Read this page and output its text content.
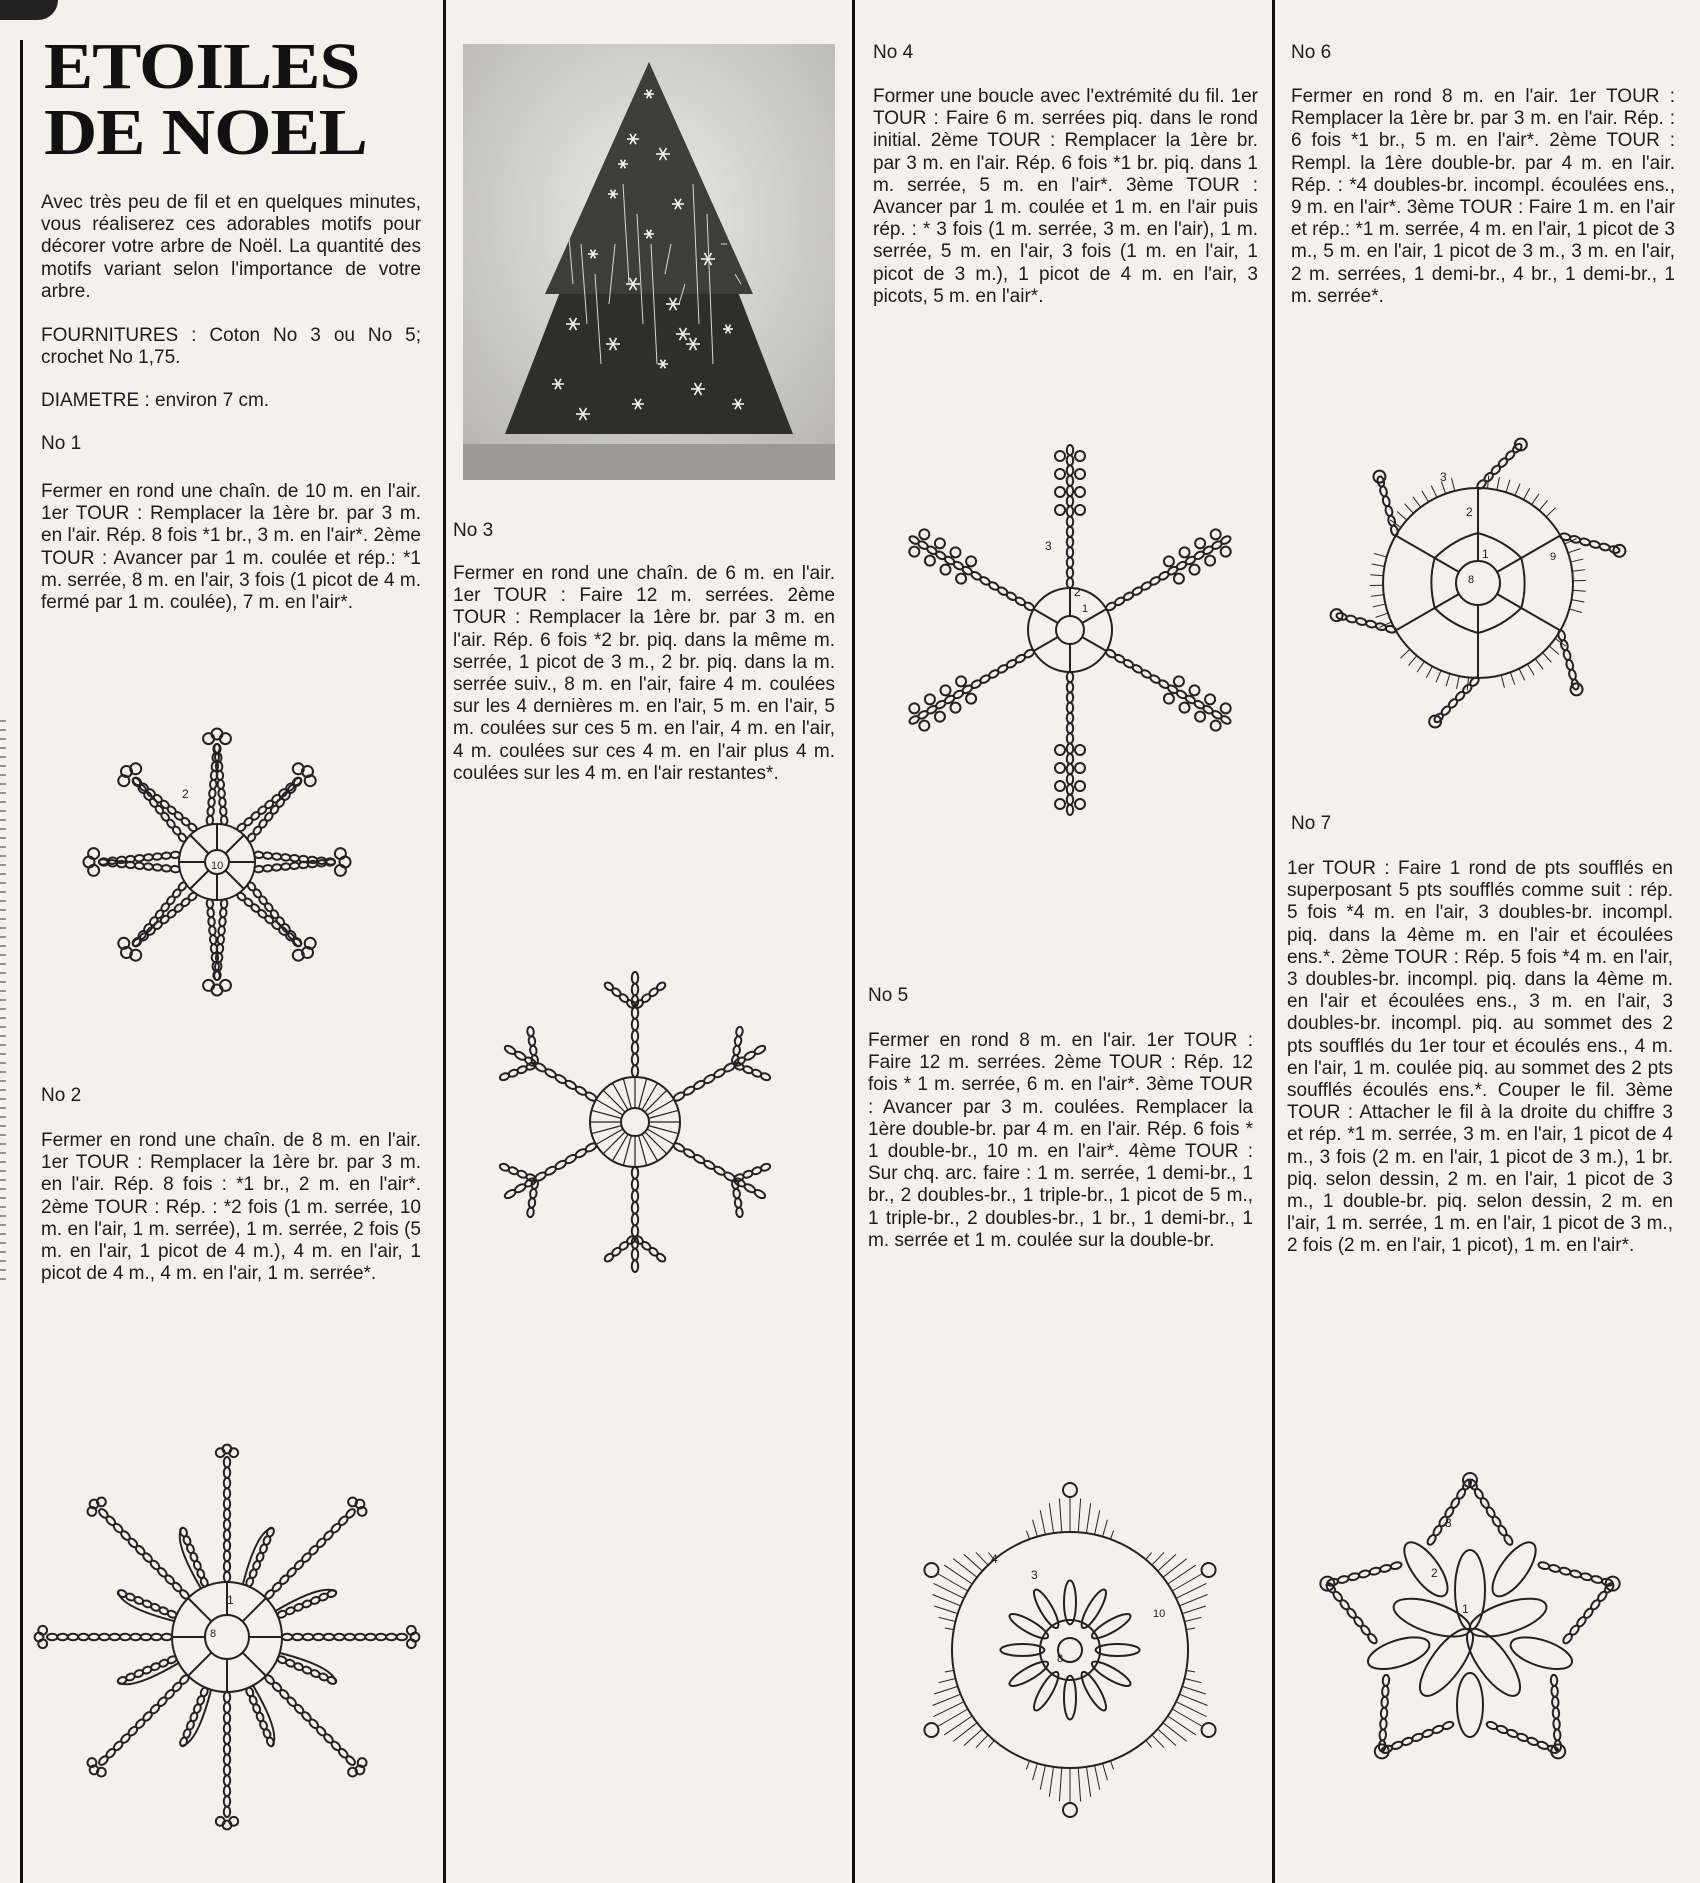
ETOILES
DE NOEL
Avec très peu de fil et en quelques minutes, vous réaliserez ces adorables motifs pour décorer votre arbre de Noël. La quantité des motifs variant selon l'importance de votre arbre.
FOURNITURES : Coton No 3 ou No 5; crochet No 1,75.
DIAMETRE : environ 7 cm.
No 1
Fermer en rond une chaîn. de 10 m. en l'air. 1er TOUR : Remplacer la 1ère br. par 3 m. en l'air. Rép. 8 fois *1 br., 3 m. en l'air*. 2ème TOUR : Avancer par 1 m. coulée et rép.: *1 m. serrée, 8 m. en l'air, 3 fois (1 picot de 4 m. fermé par 1 m. coulée), 7 m. en l'air*.
No 2
Fermer en rond une chaîn. de 8 m. en l'air. 1er TOUR : Remplacer la 1ère br. par 3 m. en l'air. Rép. 8 fois : *1 br., 2 m. en l'air*. 2ème TOUR : Rép. : *2 fois (1 m. serrée, 10 m. en l'air, 1 m. serrée), 1 m. serrée, 2 fois (5 m. en l'air, 1 picot de 4 m.), 4 m. en l'air, 1 picot de 4 m., 4 m. en l'air, 1 m. serrée*.
2
10
1
8
No 3
Fermer en rond une chaîn. de 6 m. en l'air. 1er TOUR : Faire 12 m. serrées. 2ème TOUR : Remplacer la 1ère br. par 3 m. en l'air. Rép. 6 fois *2 br. piq. dans la même m. serrée, 1 picot de 3 m., 2 br. piq. dans la m. serrée suiv., 8 m. en l'air, faire 4 m. coulées sur les 4 dernières m. en l'air, 5 m. en l'air, 5 m. coulées sur ces 5 m. en l'air, 4 m. en l'air, 4 m. coulées sur ces 4 m. en l'air plus 4 m. coulées sur les 4 m. en l'air restantes*.
No 4
Former une boucle avec l'extrémité du fil. 1er TOUR : Faire 6 m. serrées piq. dans le rond initial. 2ème TOUR : Remplacer la 1ère br. par 3 m. en l'air. Rép. 6 fois *1 br. piq. dans 1 m. serrée, 5 m. en l'air*. 3ème TOUR : Avancer par 1 m. coulée et 1 m. en l'air puis rép. : * 3 fois (1 m. serrée, 3 m. en l'air), 1 m. serrée, 5 m. en l'air, 3 fois (1 m. en l'air, 1 picot de 3 m.), 1 picot de 4 m. en l'air, 3 picots, 5 m. en l'air*.
3
2
1
No 5
Fermer en rond 8 m. en l'air. 1er TOUR : Faire 12 m. serrées. 2ème TOUR : Rép. 12 fois * 1 m. serrée, 6 m. en l'air*. 3ème TOUR : Avancer par 3 m. coulées. Remplacer la 1ère double-br. par 4 m. en l'air. Rép. 6 fois * 1 double-br., 10 m. en l'air*. 4ème TOUR : Sur chq. arc. faire : 1 m. serrée, 1 demi-br., 1 br., 2 doubles-br., 1 triple-br., 1 picot de 5 m., 1 triple-br., 2 doubles-br., 1 br., 1 demi-br., 1 m. serrée et 1 m. coulée sur la double-br.
4
3
10
8
No 6
Fermer en rond 8 m. en l'air. 1er TOUR : Remplacer la 1ère br. par 3 m. en l'air. Rép. : 6 fois *1 br., 5 m. en l'air*. 2ème TOUR : Rempl. la 1ère double-br. par 4 m. en l'air. Rép. : *4 doubles-br. incompl. écoulées ens., 9 m. en l'air*. 3ème TOUR : Faire 1 m. en l'air et rép.: *1 m. serrée, 4 m. en l'air, 1 picot de 3 m., 5 m. en l'air, 1 picot de 3 m., 3 m. en l'air, 2 m. serrées, 1 demi-br., 4 br., 1 demi-br., 1 m. serrée*.
3
2
1
8
9
No 7
1er TOUR : Faire 1 rond de pts soufflés en superposant 5 pts soufflés comme suit : rép. 5 fois *4 m. en l'air, 3 doubles-br. incompl. piq. dans la 4ème m. en l'air et écoulées ens.*. 2ème TOUR : Rép. 5 fois *4 m. en l'air, 3 doubles-br. incompl. piq. dans la 4ème m. en l'air et écoulées ens., 3 m. en l'air, 3 doubles-br. incompl. piq. au sommet des 2 pts soufflés du 1er tour et écoulés ens., 4 m. en l'air, 1 m. coulée piq. au sommet des 2 pts soufflés écoulés ens.*. Couper le fil. 3ème TOUR : Attacher le fil à la droite du chiffre 3 et rép. *1 m. serrée, 3 m. en l'air, 1 picot de 4 m., 3 fois (2 m. en l'air, 1 picot de 3 m.), 1 br. piq. selon dessin, 2 m. en l'air, 1 picot de 3 m., 1 double-br. piq. selon dessin, 2 m. en l'air, 1 m. serrée, 1 m. en l'air, 1 picot de 3 m., 2 fois (2 m. en l'air, 1 picot), 1 m. en l'air*.
3
2
1
